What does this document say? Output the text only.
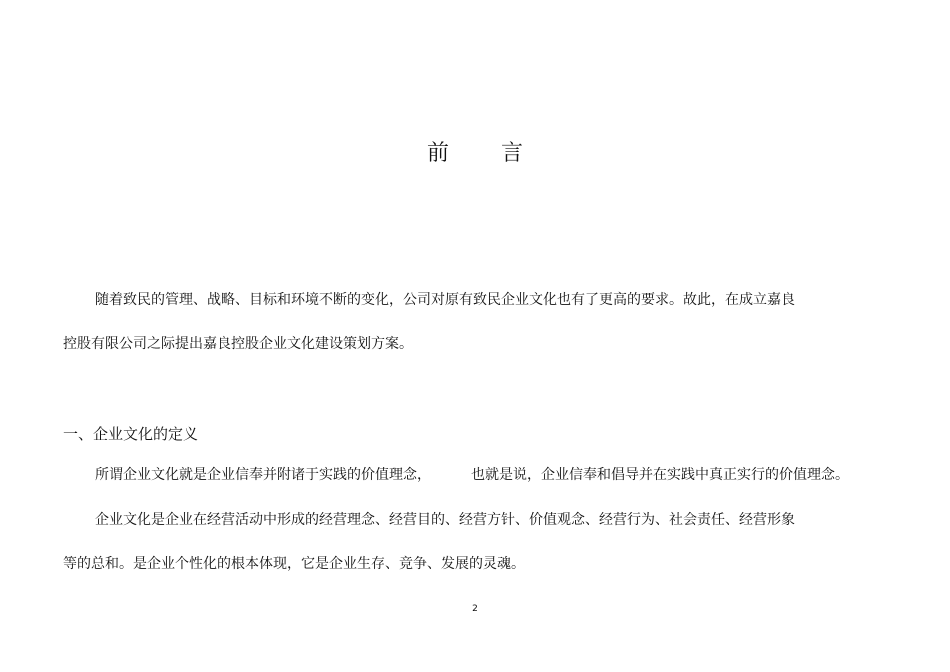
前 言
随着致民的管理、战略、目标和环境不断的变化，公司对原有致民企业文化也有了更高的要求。故此，在成立嘉良
控股有限公司之际提出嘉良控股企业文化建设策划方案。
一、企业文化的定义
所谓企业文化就是企业信奉并附诸于实践的价值理念，	也就是说，企业信奉和倡导并在实践中真正实行的价值理念。
企业文化是企业在经营活动中形成的经营理念、经营目的、经营方针、价值观念、经营行为、社会责任、经营形象
等的总和。是企业个性化的根本体现，它是企业生存、竞争、发展的灵魂。
2
